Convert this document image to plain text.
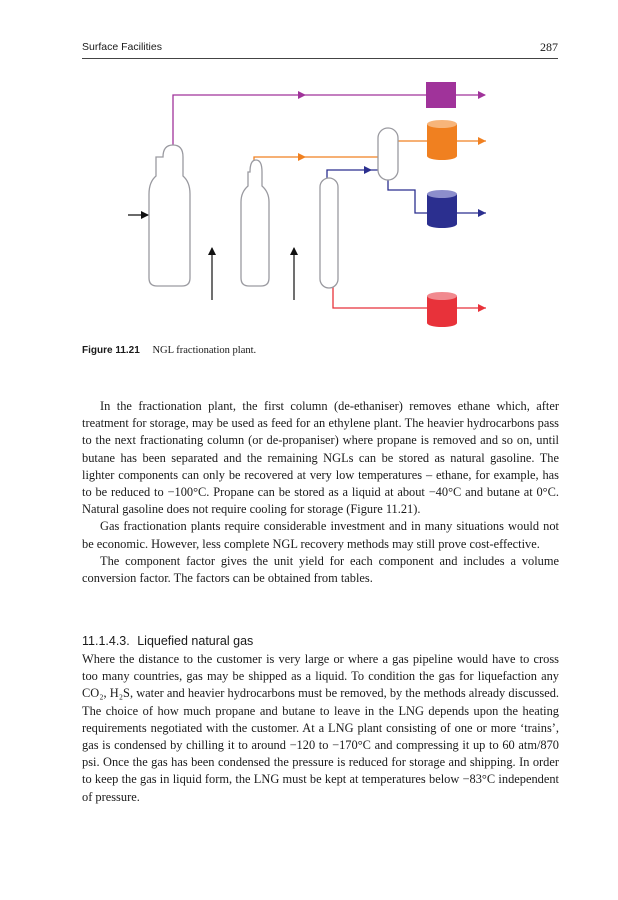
Surface Facilities	287
Figure 11.21 NGL fractionation plant.

In the fractionation plant, the first column (de-ethaniser) removes ethane which, after treatment for storage, may be used as feed for an ethylene plant. The heavier hydrocarbons pass to the next fractionating column (or de-propaniser) where propane is removed and so on, until butane has been separated and the remaining NGLs can be stored as natural gasoline. The lighter components can only be recovered at very low temperatures – ethane, for example, has to be reduced to −100°C. Propane can be stored as a liquid at about −40°C and butane at 0°C. Natural gasoline does not require cooling for storage (Figure 11.21).

Gas fractionation plants require considerable investment and in many situations would not be economic. However, less complete NGL recovery methods may still prove cost-effective.

The component factor gives the unit yield for each component and includes a volume conversion factor. The factors can be obtained from tables.

11.1.4.3. Liquefied natural gas

Where the distance to the customer is very large or where a gas pipeline would have to cross too many countries, gas may be shipped as a liquid. To condition the gas for liquefaction any CO₂, H₂S, water and heavier hydrocarbons must be removed, by the methods already discussed. The choice of how much propane and butane to leave in the LNG depends upon the heating requirements negotiated with the customer. At a LNG plant consisting of one or more ‘trains’, gas is condensed by chilling it to around −120 to −170°C and compressing it up to 60 atm/870 psi. Once the gas has been condensed the pressure is reduced for storage and shipping. In order to keep the gas in liquid form, the LNG must be kept at temperatures below −83°C independent of pressure.
